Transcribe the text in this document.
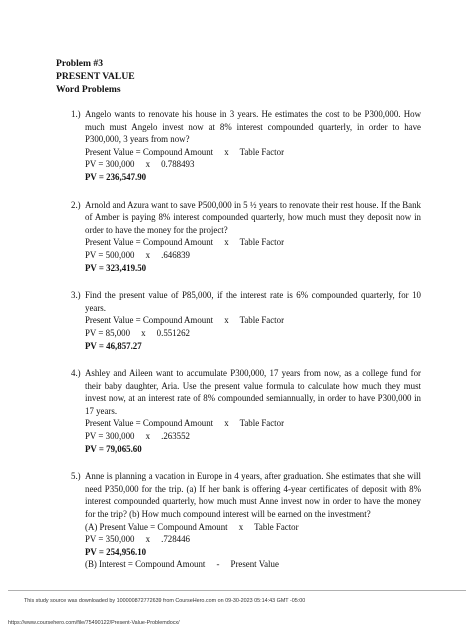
Problem #3
PRESENT VALUE
Word Problems
1.) Angelo wants to renovate his house in 3 years. He estimates the cost to be P300,000. How much must Angelo invest now at 8% interest compounded quarterly, in order to have P300,000, 3 years from now?
Present Value = Compound Amount     x     Table Factor
PV = 300,000     x     0.788493
PV = 236,547.90
2.) Arnold and Azura want to save P500,000 in 5 ½ years to renovate their rest house. If the Bank of Amber is paying 8% interest compounded quarterly, how much must they deposit now in order to have the money for the project?
Present Value = Compound Amount     x     Table Factor
PV = 500,000     x     .646839
PV = 323,419.50
3.) Find the present value of P85,000, if the interest rate is 6% compounded quarterly, for 10 years.
Present Value = Compound Amount     x     Table Factor
PV = 85,000     x     0.551262
PV = 46,857.27
4.) Ashley and Aileen want to accumulate P300,000, 17 years from now, as a college fund for their baby daughter, Aria. Use the present value formula to calculate how much they must invest now, at an interest rate of 8% compounded semiannually, in order to have P300,000 in 17 years.
Present Value = Compound Amount     x     Table Factor
PV = 300,000     x     .263552
PV = 79,065.60
5.) Anne is planning a vacation in Europe in 4 years, after graduation. She estimates that she will need P350,000 for the trip. (a) If her bank is offering 4-year certificates of deposit with 8% interest compounded quarterly, how much must Anne invest now in order to have the money for the trip? (b) How much compound interest will be earned on the investment?
(A) Present Value = Compound Amount     x     Table Factor
PV = 350,000     x     .728446
PV = 254,956.10
(B) Interest = Compound Amount     -     Present Value
This study source was downloaded by 100000872772639 from CourseHero.com on 09-30-2023 05:14:43 GMT -05:00
https://www.coursehero.com/file/75490122/Present-Value-Problemdocx/
